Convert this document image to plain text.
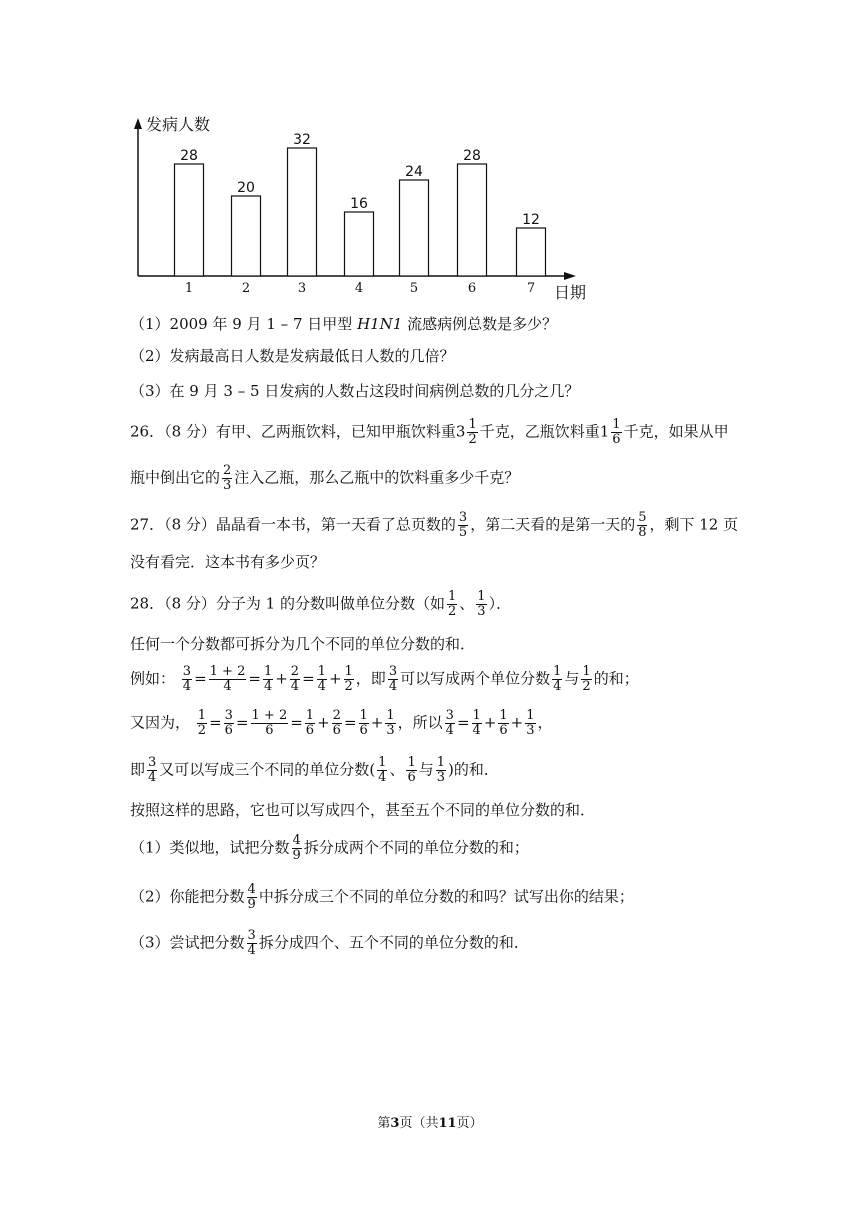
发病人数
日期
28
1
20
2
32
3
16
4
24
5
28
6
12
7
（1）2009 年 9 月 1 – 7 日甲型 H1N1 流感病例总数是多少？
（2）发病最高日人数是发病最低日人数的几倍？
（3）在 9 月 3 – 5 日发病的人数占这段时间病例总数的几分之几？
26．（8 分）有甲、乙两瓶饮料，已知甲瓶饮料重$3 \frac{1}{2}$ 千克，乙瓶饮料重$1 \frac{1}{6}$ 千克，如果从甲
瓶中倒出它的 $\frac{2}{3}$ 注入乙瓶，那么乙瓶中的饮料重多少千克？
27．（8 分）晶晶看一本书，第一天看了总页数的 $\frac{3}{5}$ ，第二天看的是第一天的 $\frac{5}{8}$ ，剩下 12 页
没有看完．这本书有多少页？
28．（8 分）分子为 1 的分数叫做单位分数（如 $\frac{1}{2}$ 、 $\frac{1}{3}$ ）．
任何一个分数都可拆分为几个不同的单位分数的和．
例如： $\frac{3}{4} = \frac{1 + 2}{4} = \frac{1}{4} + \frac{2}{4} = \frac{1}{4} + \frac{1}{2}$ ，即 $\frac{3}{4}$ 可以写成两个单位分数 $\frac{1}{4}$ 与 $\frac{1}{2}$ 的和；
又因为， $\frac{1}{2} = \frac{3}{6} = \frac{1 + 2}{6} = \frac{1}{6} + \frac{2}{6} = \frac{1}{6} + \frac{1}{3}$ ，所以 $\frac{3}{4} = \frac{1}{4} + \frac{1}{6} + \frac{1}{3}$ ，
即 $\frac{3}{4}$ 又可以写成三个不同的单位分数( $\frac{1}{4}$ 、 $\frac{1}{6}$ 与 $\frac{1}{3}$ )的和．
按照这样的思路，它也可以写成四个，甚至五个不同的单位分数的和．
（1）类似地，试把分数 $\frac{4}{9}$ 拆分成两个不同的单位分数的和；
（2）你能把分数 $\frac{4}{9}$ 中拆分成三个不同的单位分数的和吗？试写出你的结果；
（3）尝试把分数 $\frac{3}{4}$ 拆分成四个、五个不同的单位分数的和．
第3页（共11页）
